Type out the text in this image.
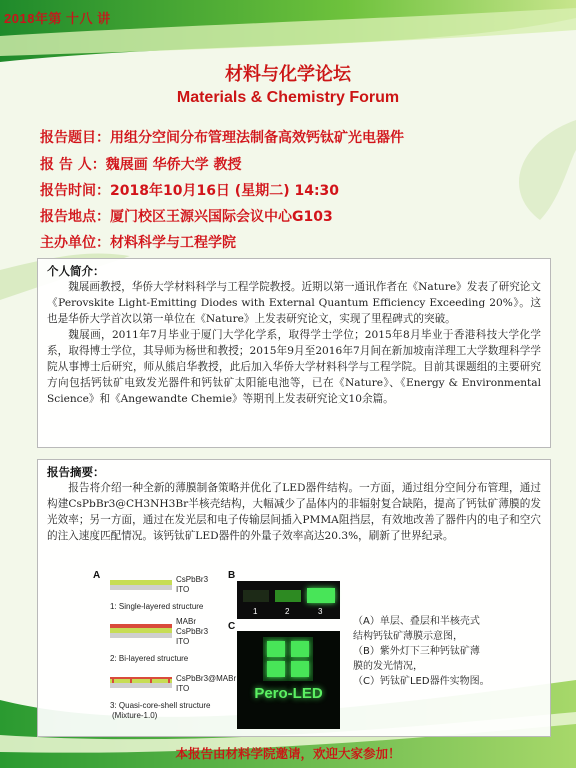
2018年第 十八 讲
材料与化学论坛
Materials & Chemistry Forum
报告题目：用组分空间分布管理法制备高效钙钛矿光电器件
报 告 人：魏展画 华侨大学 教授
报告时间：2018年10月16日 (星期二) 14:30
报告地点：厦门校区王源兴国际会议中心G103
主办单位：材料科学与工程学院
个人简介：

魏展画教授，华侨大学材料科学与工程学院教授。近期以第一通讯作者在《Nature》发表了研究论文《Perovskite Light-Emitting Diodes with External Quantum Efficiency Exceeding 20%》。这也是华侨大学首次以第一单位在《Nature》上发表研究论文，实现了里程碑式的突破。

魏展画，2011年7月毕业于厦门大学化学系，取得学士学位；2015年8月毕业于香港科技大学化学系，取得博士学位，其导师为杨世和教授；2015年9月至2016年7月间在新加坡南洋理工大学数理科学学院从事博士后研究，师从熊启华教授，此后加入华侨大学材料科学与工程学院。目前其课题组的主要研究方向包括钙钛矿电致发光器件和钙钛矿太阳能电池等，已在《Nature》、《Energy & Environmental Science》和《Angewandte Chemie》等期刊上发表研究论文10余篇。

报告摘要：

报告将介绍一种全新的薄膜制备策略并优化了LED器件结构。一方面，通过组分空间分布管理，通过构建CsPbBr3@CH3NH3Br半核壳结构，大幅减少了晶体内的非辐射复合缺陷，提高了钙钛矿薄膜的发光效率；另一方面，通过在发光层和电子传输层间插入PMMA阻挡层，有效地改善了器件内的电子和空穴的注入速度匹配情况。该钙钛矿LED器件的外量子效率高达20.3%，刷新了世界纪录。

A	CsPbBr3
ITO
1: Single-layered structure
MABr
CsPbBr3
ITO
2: Bi-layered structure
CsPbBr3@MABr
ITO
3: Quasi-core-shell structure
(Mixture-1.0)
B
1	2	3
C
Pero-LED
（A）单层、叠层和半核壳式
结构钙钛矿薄膜示意图，
（B）紫外灯下三种钙钛矿薄
膜的发光情况，
（C）钙钛矿LED器件实物图。
本报告由材料学院邀请，欢迎大家参加！
